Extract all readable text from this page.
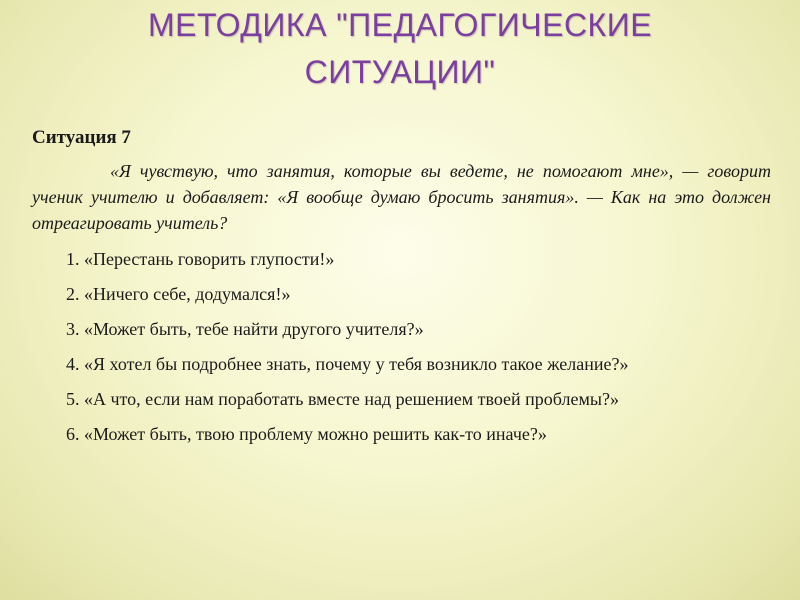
МЕТОДИКА "ПЕДАГОГИЧЕСКИЕ
СИТУАЦИИ"

Ситуация 7

«Я чувствую, что занятия, которые вы ведете, не помогают мне», — говорит ученик учителю и добавляет: «Я вообще думаю бросить занятия». — Как на это должен отреагировать учитель?

1. «Перестань говорить глупости!»
2. «Ничего себе, додумался!»
3. «Может быть, тебе найти другого учителя?»
4. «Я хотел бы подробнее знать, почему у тебя возникло такое желание?»
5. «А что, если нам поработать вместе над решением твоей проблемы?»
6. «Может быть, твою проблему можно решить как-то иначе?»
